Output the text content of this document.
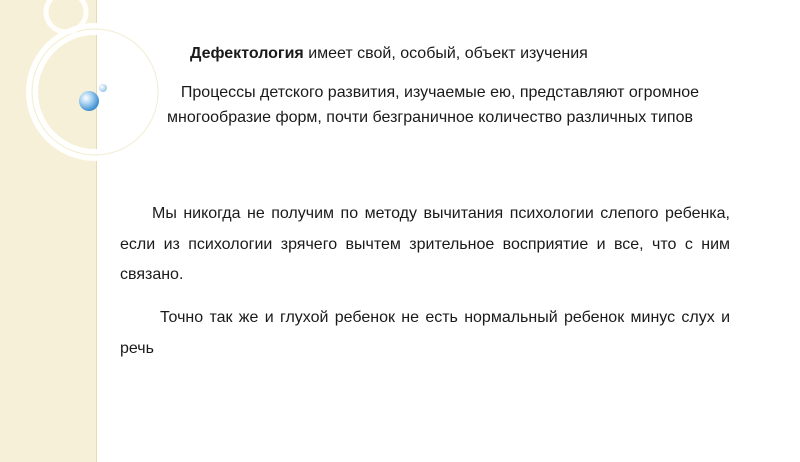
Дефектология имеет свой, особый, объект изучения
Процессы детского развития, изучаемые ею, представляют огромное многообразие форм, почти безграничное количество различных типов
Мы никогда не получим по методу вычитания психологии слепого ребенка, если из психологии зрячего вычтем зрительное восприятие и все, что с ним связано.
Точно так же и глухой ребенок не есть нормальный ребенок минус слух и речь
